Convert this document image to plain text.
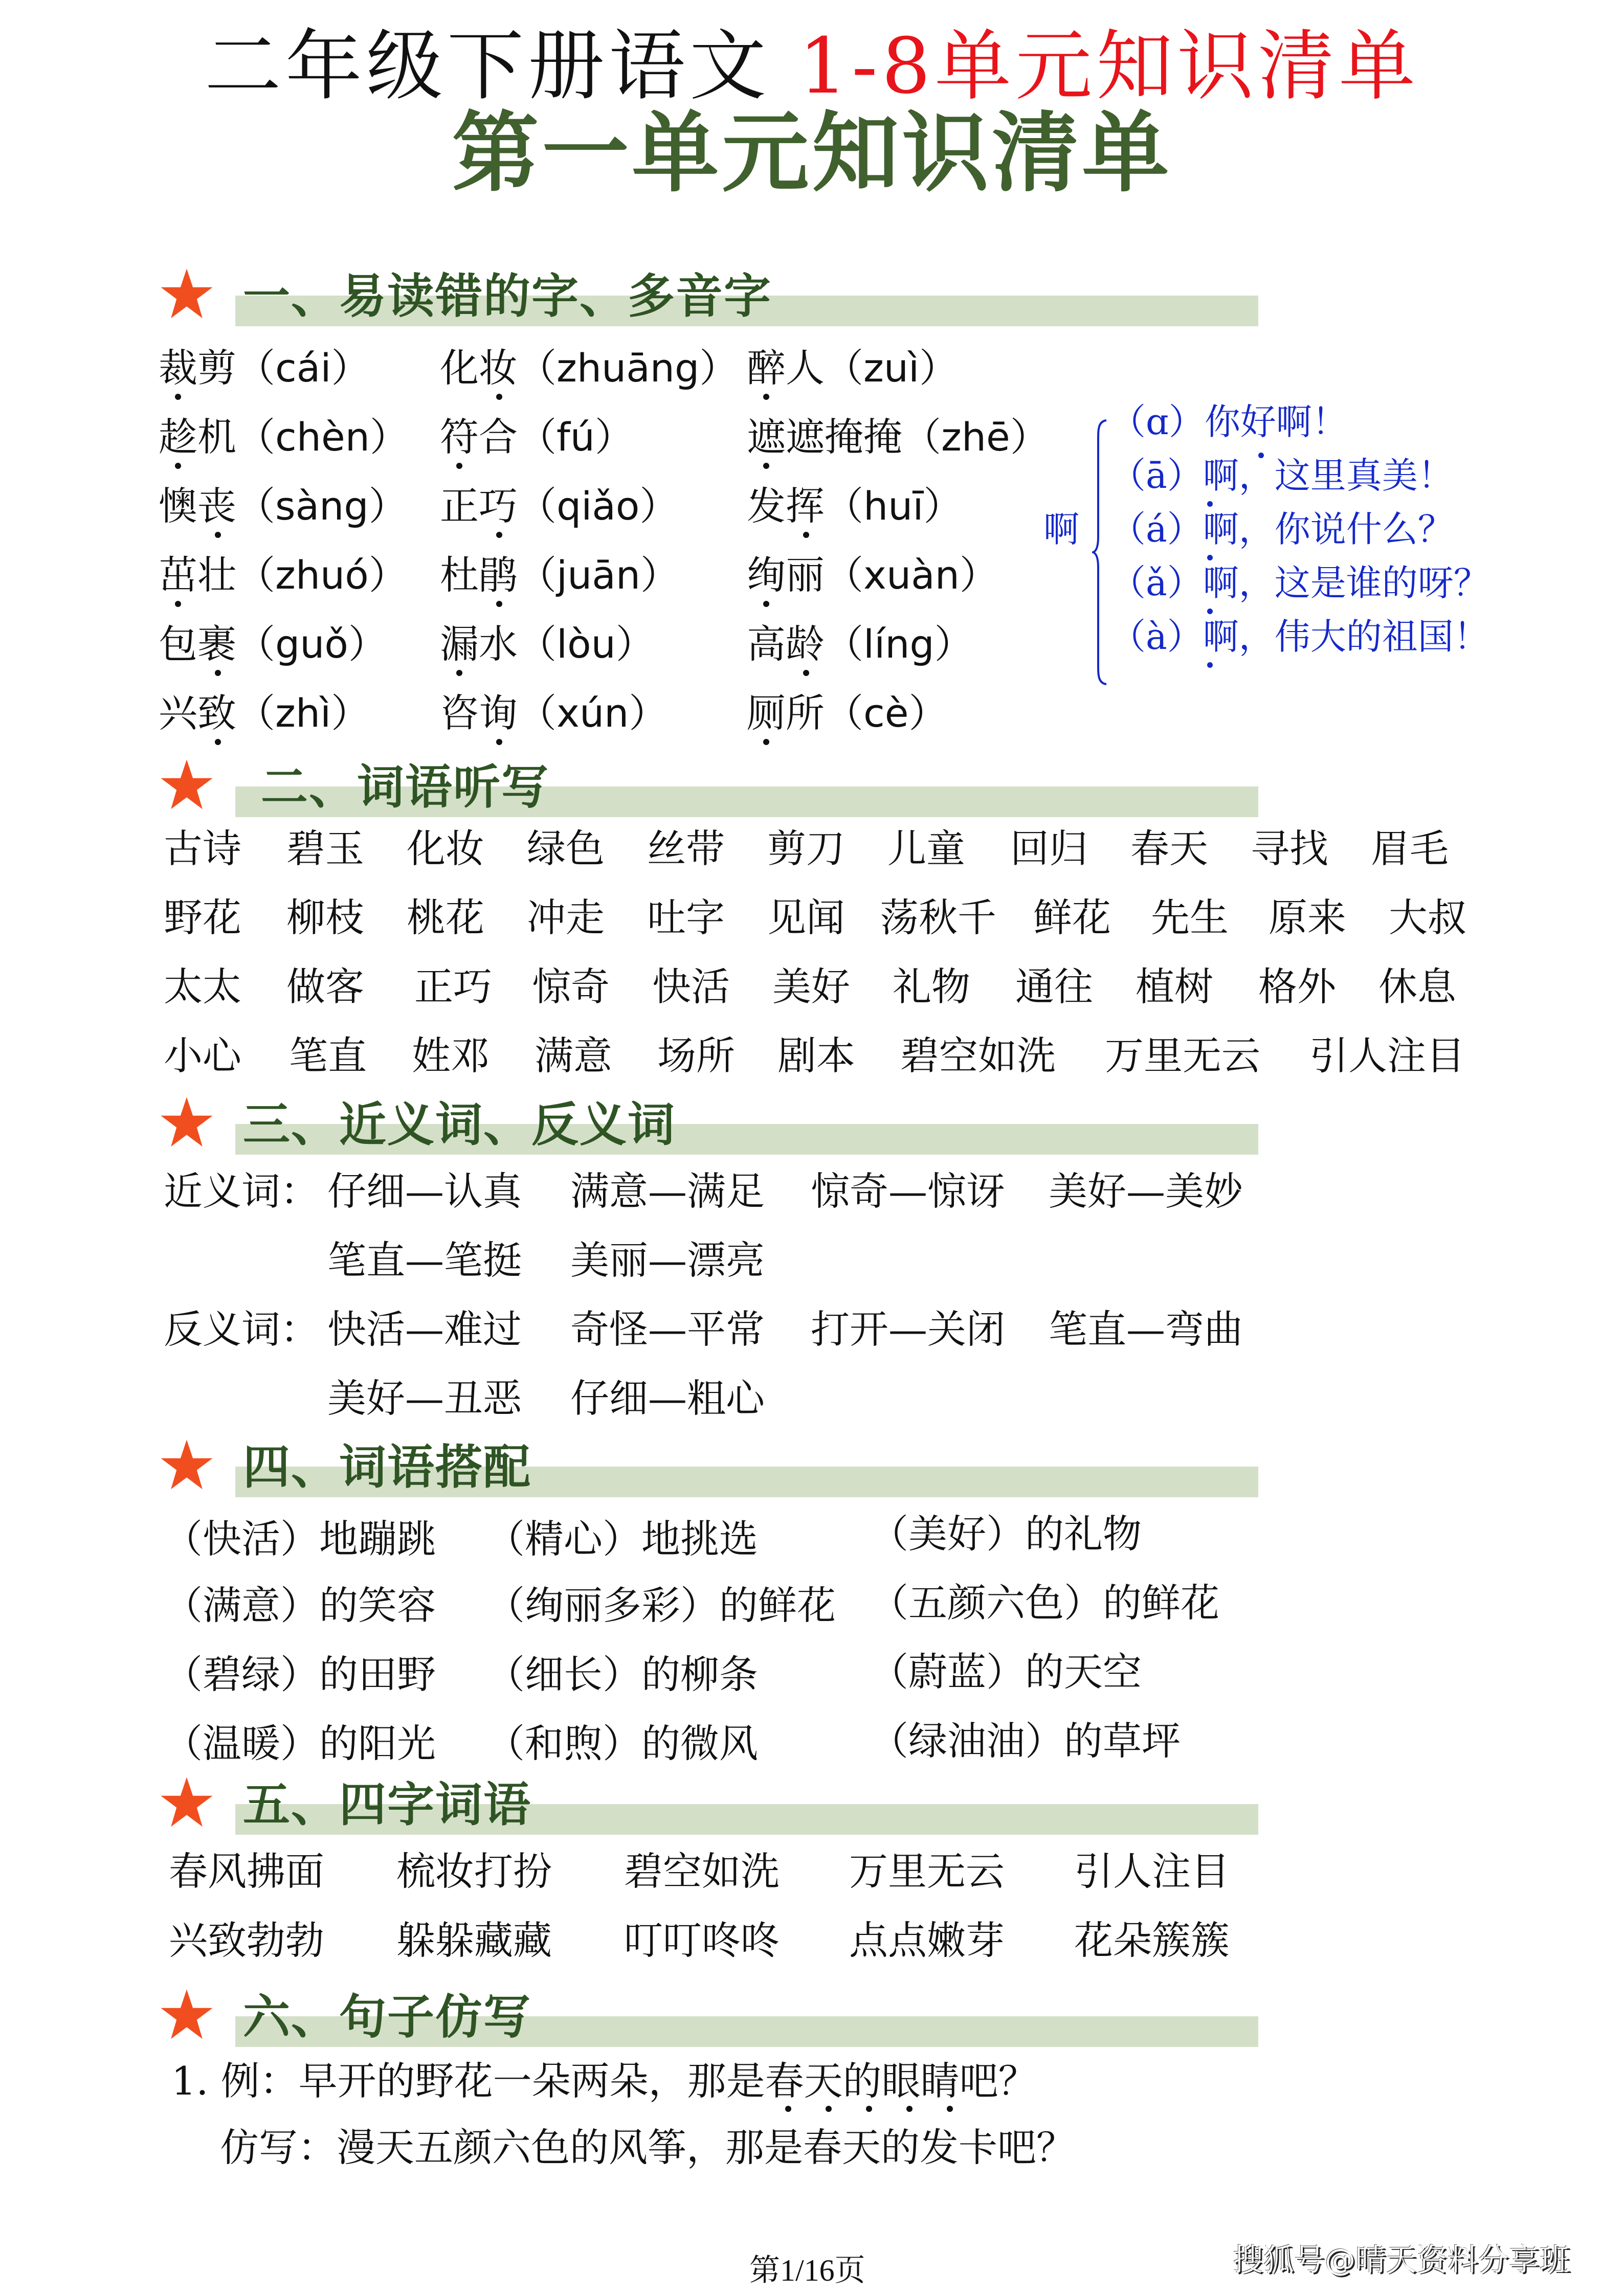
二年级下册语文 1-8单元知识清单
第一单元知识清单
一、易读错的字、多音字
裁剪（cái） 化妆（zhuāng） 醉人（zuì）
趁机（chèn） 符合（fú）	遮遮掩掩（zhē）
懊丧（sàng） 正巧（qiǎo） 发挥（huī）
茁壮（zhuó） 杜鹃（juān） 绚丽（xuàn）
包裹（guǒ） 漏水（lòu） 高龄（líng）
兴致（zhì） 咨询（xún） 厕所（cè）
啊
（ɑ）你好啊！
（ā）啊，这里真美！
（á）啊，你说什么？
（ǎ）啊，这是谁的呀？
（à）啊，伟大的祖国！
二、词语听写
古诗 碧玉 化妆 绿色 丝带 剪刀 儿童 回归 春天 寻找 眉毛
野花 柳枝 桃花 冲走 吐字 见闻 荡秋千 鲜花 先生 原来 大叔
太太 做客 正巧 惊奇 快活 美好 礼物 通往 植树 格外 休息
小心 笔直 姓邓 满意 场所 剧本 碧空如洗 万里无云 引人注目
三、近义词、反义词
近义词： 仔细—认真 满意—满足 惊奇—惊讶 美好—美妙
笔直—笔挺 美丽—漂亮
反义词： 快活—难过 奇怪—平常 打开—关闭 笔直—弯曲
美好—丑恶 仔细—粗心
四、词语搭配
（快活）地蹦跳 （精心）地挑选	（美好）的礼物
（满意）的笑容 （绚丽多彩）的鲜花 （五颜六色）的鲜花
（碧绿）的田野 （细长）的柳条	（蔚蓝）的天空
（温暖）的阳光 （和煦）的微风	（绿油油）的草坪
五、四字词语
春风拂面 梳妆打扮 碧空如洗 万里无云 引人注目
兴致勃勃 躲躲藏藏 叮叮咚咚 点点嫩芽 花朵簇簇
六、句子仿写
1. 例：早开的野花一朵两朵，那是春天的眼睛吧？
仿写：漫天五颜六色的风筝，那是春天的发卡吧？
第1/16页	搜狐号@晴天资料分享班
